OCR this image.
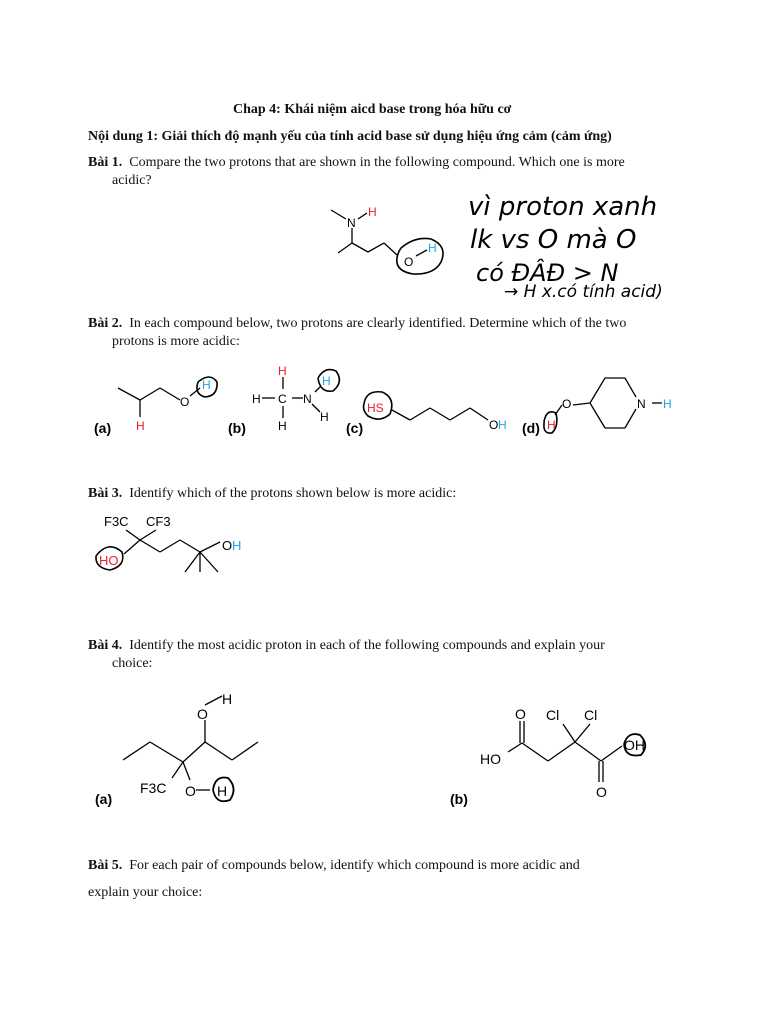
Chap 4: Khái niệm aicd base trong hóa hữu cơ
Nội dung 1: Giải thích độ mạnh yếu của tính acid base sử dụng hiệu ứng cảm (cảm ứng)
Bài 1. Compare the two protons that are shown in the following compound. Which one is more
acidic?
N
H
O
H
vì proton xanh
lk vs O mà O
có ĐÂĐ > N
→ H x.có tính acid)
Bài 2. In each compound below, two protons are clearly identified. Determine which of the two
protons is more acidic:
(a)
O
H
H	(b)
H
H C N
H
H
H
(c)
HS
O H (d) H
O	N H
Bài 3. Identify which of the protons shown below is more acidic:
F3C CF3
HO
O H
Bài 4. Identify the most acidic proton in each of the following compounds and explain your
choice:
(a)
O
H
F3C O H	(b)
O Cl Cl
HO
OH
O
Bài 5. For each pair of compounds below, identify which compound is more acidic and
explain your choice:
